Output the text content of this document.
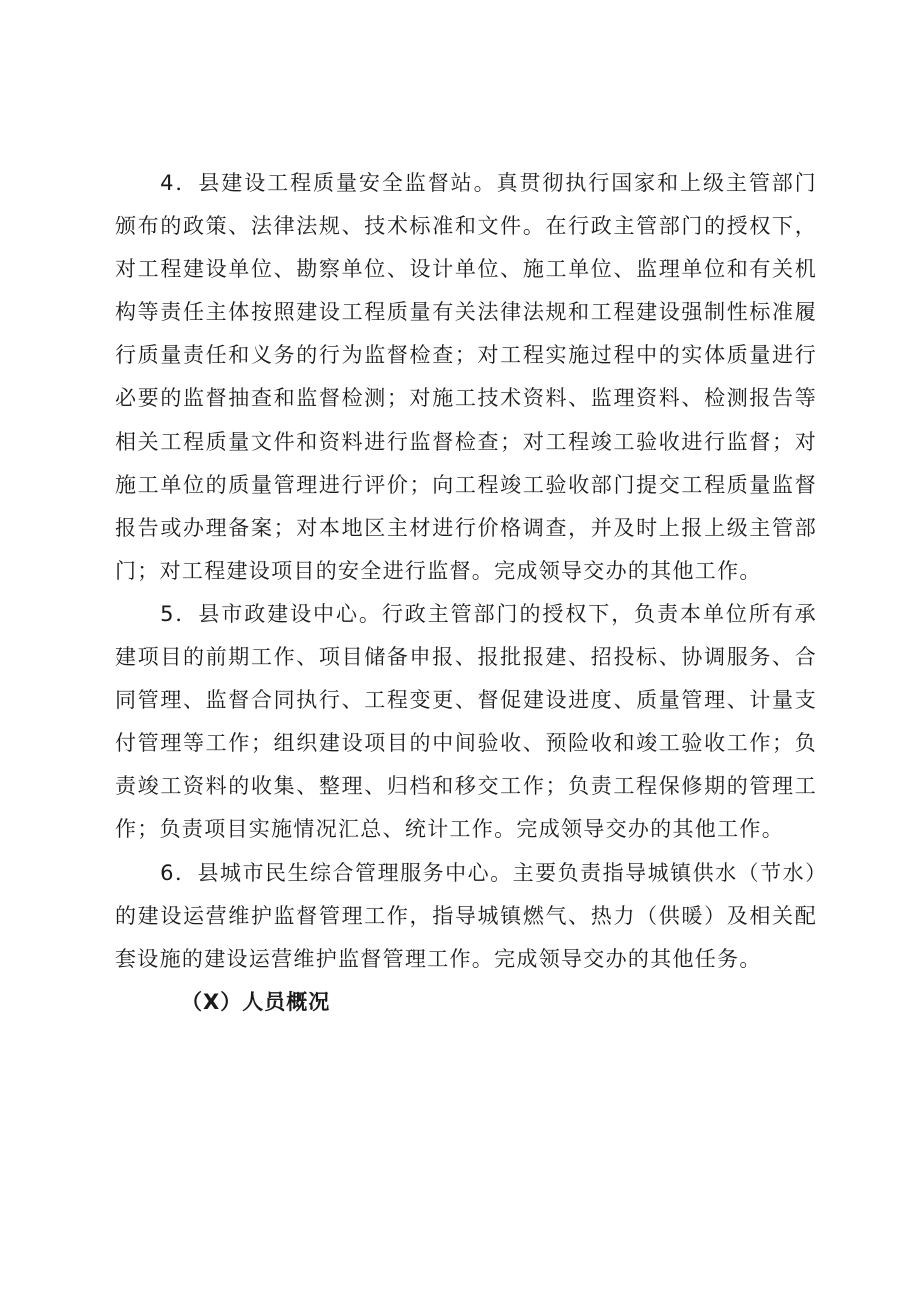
4．县建设工程质量安全监督站。真贯彻执行国家和上级主管部门颁布的政策、法律法规、技术标准和文件。在行政主管部门的授权下，对工程建设单位、勘察单位、设计单位、施工单位、监理单位和有关机构等责任主体按照建设工程质量有关法律法规和工程建设强制性标准履行质量责任和义务的行为监督检查；对工程实施过程中的实体质量进行必要的监督抽查和监督检测；对施工技术资料、监理资料、检测报告等相关工程质量文件和资料进行监督检查；对工程竣工验收进行监督；对施工单位的质量管理进行评价；向工程竣工验收部门提交工程质量监督报告或办理备案；对本地区主材进行价格调查，并及时上报上级主管部门；对工程建设项目的安全进行监督。完成领导交办的其他工作。

5．县市政建设中心。行政主管部门的授权下，负责本单位所有承建项目的前期工作、项目储备申报、报批报建、招投标、协调服务、合同管理、监督合同执行、工程变更、督促建设进度、质量管理、计量支付管理等工作；组织建设项目的中间验收、预险收和竣工验收工作；负责竣工资料的收集、整理、归档和移交工作；负责工程保修期的管理工作；负责项目实施情况汇总、统计工作。完成领导交办的其他工作。

6．县城市民生综合管理服务中心。主要负责指导城镇供水（节水）的建设运营维护监督管理工作，指导城镇燃气、热力（供暖）及相关配套设施的建设运营维护监督管理工作。完成领导交办的其他任务。

（X）人员概况
